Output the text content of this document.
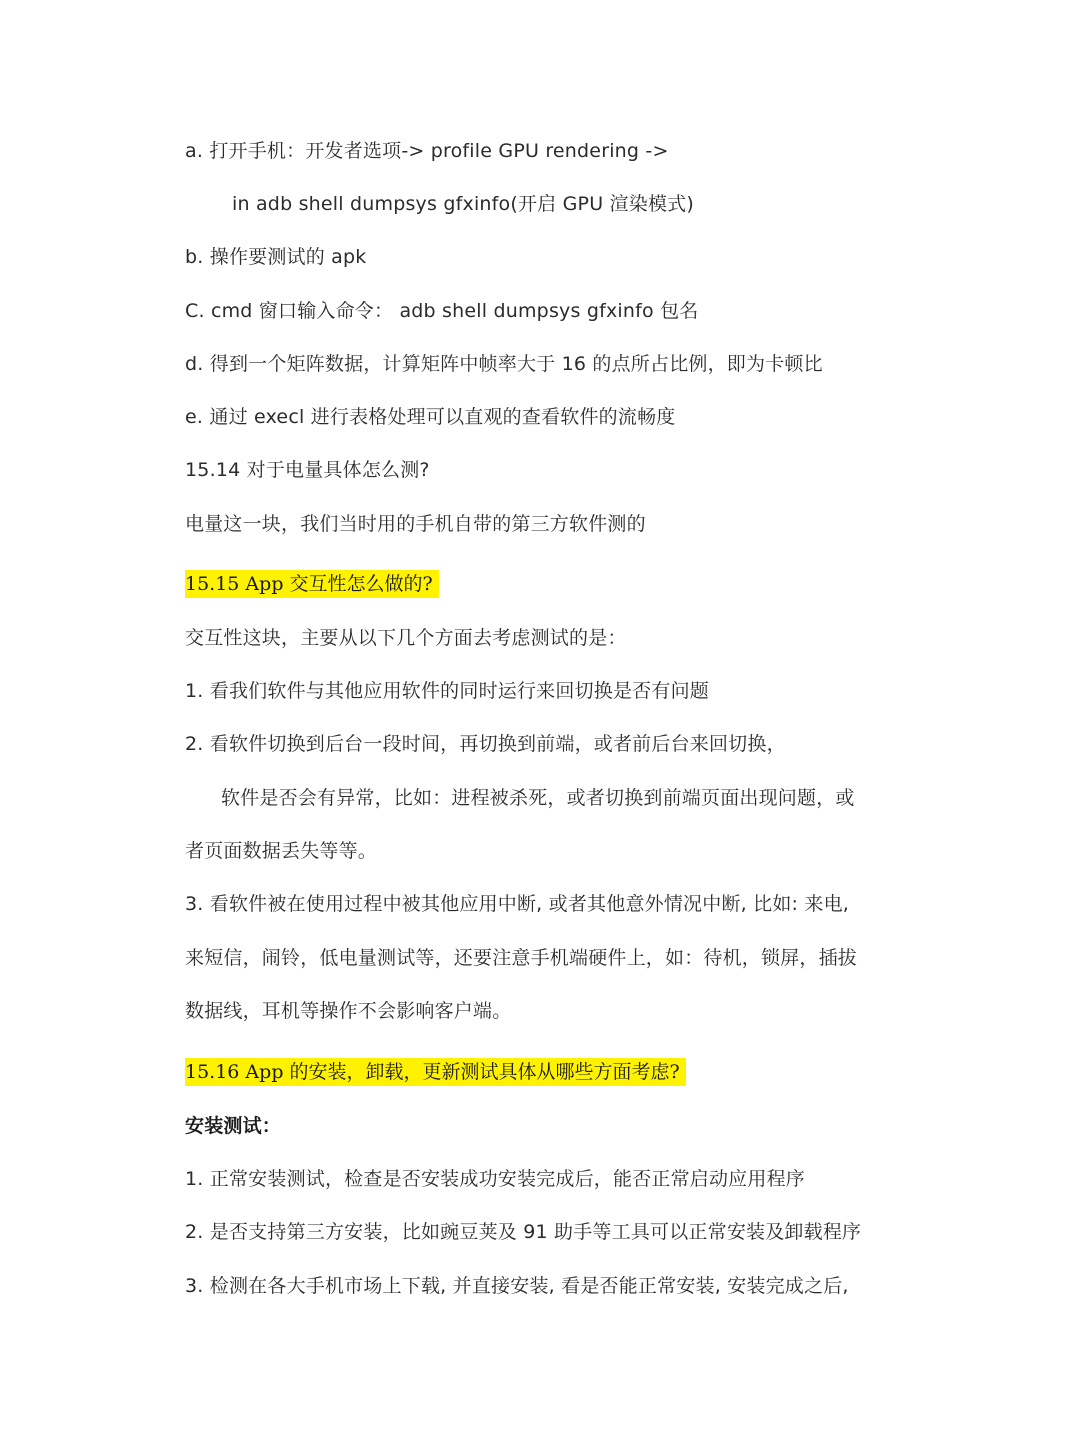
a. 打开手机：开发者选项-> profile GPU rendering ->
in adb shell dumpsys gfxinfo(开启 GPU 渲染模式)
b. 操作要测试的 apk
C. cmd 窗口输入命令： adb shell dumpsys gfxinfo 包名
d. 得到一个矩阵数据，计算矩阵中帧率大于 16 的点所占比例，即为卡顿比
e. 通过 execl 进行表格处理可以直观的查看软件的流畅度
15.14 对于电量具体怎么测?
电量这一块，我们当时用的手机自带的第三方软件测的
15.15 App 交互性怎么做的?
交互性这块，主要从以下几个方面去考虑测试的是：
1. 看我们软件与其他应用软件的同时运行来回切换是否有问题
2. 看软件切换到后台一段时间，再切换到前端，或者前后台来回切换，
软件是否会有异常，比如：进程被杀死，或者切换到前端页面出现问题，或
者页面数据丢失等等。
3. 看软件被在使用过程中被其他应用中断, 或者其他意外情况中断, 比如: 来电,
来短信，闹铃，低电量测试等，还要注意手机端硬件上，如：待机，锁屏，插拔
数据线，耳机等操作不会影响客户端。
15.16 App 的安装，卸载，更新测试具体从哪些方面考虑?
安装测试：
1. 正常安装测试，检查是否安装成功安装完成后，能否正常启动应用程序
2. 是否支持第三方安装，比如豌豆荚及 91 助手等工具可以正常安装及卸载程序
3. 检测在各大手机市场上下载, 并直接安装, 看是否能正常安装, 安装完成之后,
